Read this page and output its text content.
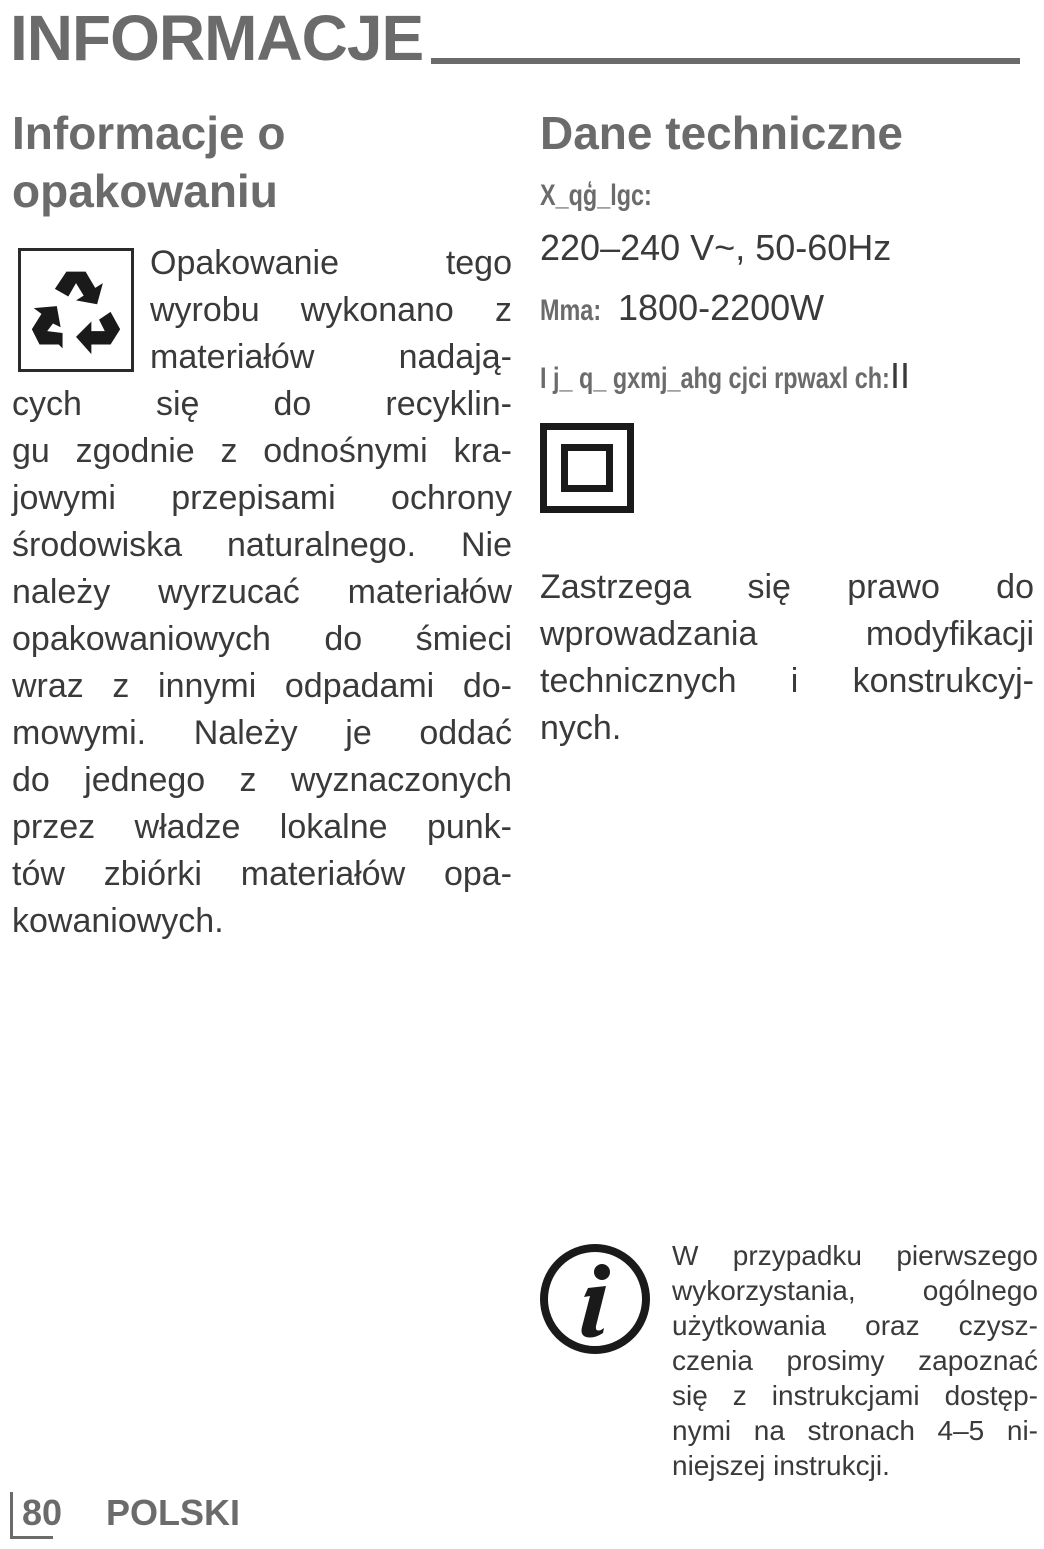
INFORMACJE
Informacje o
opakowaniu
Opakowanie tego
wyrobu wykonano z
materiałów nadają-
cych się do recyklin-
gu zgodnie z odnośnymi kra-
jowymi przepisami ochrony
środowiska naturalnego. Nie
należy wyrzucać materiałów
opakowaniowych do śmieci
wraz z innymi odpadami do-
mowymi. Należy je oddać
do jednego z wyznaczonych
przez władze lokalne punk-
tów zbiórki materiałów opa-
kowaniowych.
Dane techniczne
X_qģ_lgc:
220–240 V~, 50-60Hz
Mma: 1800-2200W
I j_ q_ gxmj_ahg cjci rpwaxl ch:II
Zastrzega się prawo do
wprowadzania modyfikacji
technicznych i konstrukcyj-
nych.
W przypadku pierwszego
wykorzystania, ogólnego
użytkowania oraz czysz-
czenia prosimy zapoznać
się z instrukcjami dostęp-
nymi na stronach 4–5 ni-
niejszej instrukcji.
80 POLSKI
